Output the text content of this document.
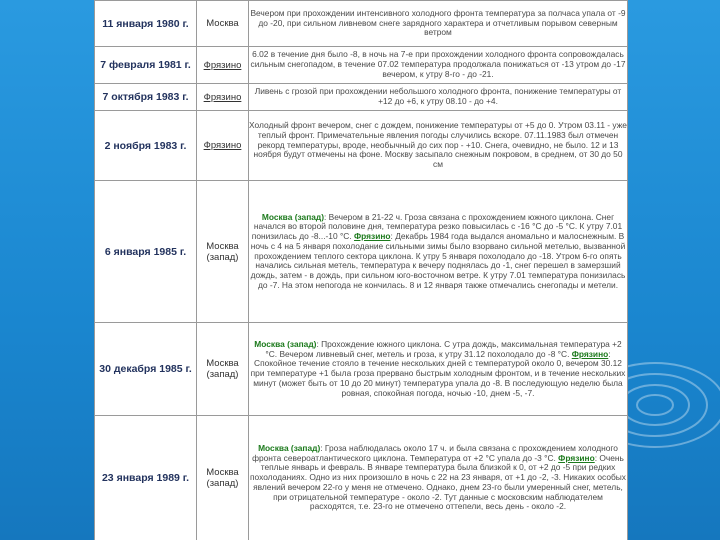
11 января 1980 г.	Москва	Вечером при прохождении интенсивного холодного фронта температура за полчаса упала от -9 до -20, при сильном ливневом снеге зарядного характера и отчетливым порывом северным ветром
7 февраля 1981 г.	Фрязино	6.02 в течение дня было -8, в ночь на 7-е при прохождении холодного фронта сопровождалась сильным снегопадом, в течение 07.02 температура продолжала понижаться от -13 утром до -17 вечером, к утру 8-го - до -21.
7 октября 1983 г.	Фрязино	Ливень с грозой при прохождении небольшого холодного фронта, понижение температуры от +12 до +6, к утру 08.10 - до +4.
2 ноября 1983 г.	Фрязино	Холодный фронт вечером, снег с дождем, понижение температуры от +5 до 0. Утром 03.11 - уже теплый фронт. Примечательные явления погоды случились вскоре. 07.11.1983 был отмечен рекорд температуры, вроде, необычный до сих пор - +10. Снега, очевидно, не было. 12 и 13 ноября будут отмечены на фоне. Москву засыпало снежным покровом, в среднем, от 30 до 50 см
6 января 1985 г.	Москва (запад)	Москва (запад): Вечером в 21-22 ч. Гроза связана с прохождением южного циклона. Снег начался во второй половине дня, температура резко повысилась с -16 °С до -5 °С. К утру 7.01 понизилась до -8...-10 °С. Фрязино: Декабрь 1984 года выдался аномально и малоснежным. В ночь с 4 на 5 января похолодание сильными зимы было взорвано сильной метелью, вызванной прохождением теплого сектора циклона. К утру 5 января похолодало до -18. Утром 6-го опять начались сильная метель, температура к вечеру поднялась до -1, снег перешел в замерзший дождь, затем - в дождь, при сильном юго-восточном ветре. К утру 7.01 температура понизилась до -7. На этом непогода не кончилась. 8 и 12 января также отмечались снегопады и метели.
30 декабря 1985 г.	Москва (запад)	Москва (запад): Прохождение южного циклона. С утра дождь, максимальная температура +2 °С. Вечером ливневый снег, метель и гроза, к утру 31.12 похолодало до -8 °С. Фрязино: Спокойное течение стояло в течение нескольких дней с температурой около 0, вечером 30.12 при температуре +1 была гроза прервано быстрым холодным фронтом, и в течение нескольких минут (может быть от 10 до 20 минут) температура упала до -8. В последующую неделю была ровная, спокойная погода, ночью -10, днем -5, -7.
23 января 1989 г.	Москва (запад)	Москва (запад): Гроза наблюдалась около 17 ч. и была связана с прохождением холодного фронта североатлантического циклона. Температура от +2 °С упала до -3 °С. Фрязино: Очень теплые январь и февраль. В январе температура была близкой к 0, от +2 до -5 при редких похолоданиях. Одно из них произошло в ночь с 22 на 23 января, от +1 до -2, -3. Никаких особых явлений вечером 22-го у меня не отмечено. Однако, днем 23-го были умеренный снег, метель, при отрицательной температуре - около -2. Тут данные с московским наблюдателем расходятся, т.е. 23-го не отмечено оттепели, весь день - около -2.
